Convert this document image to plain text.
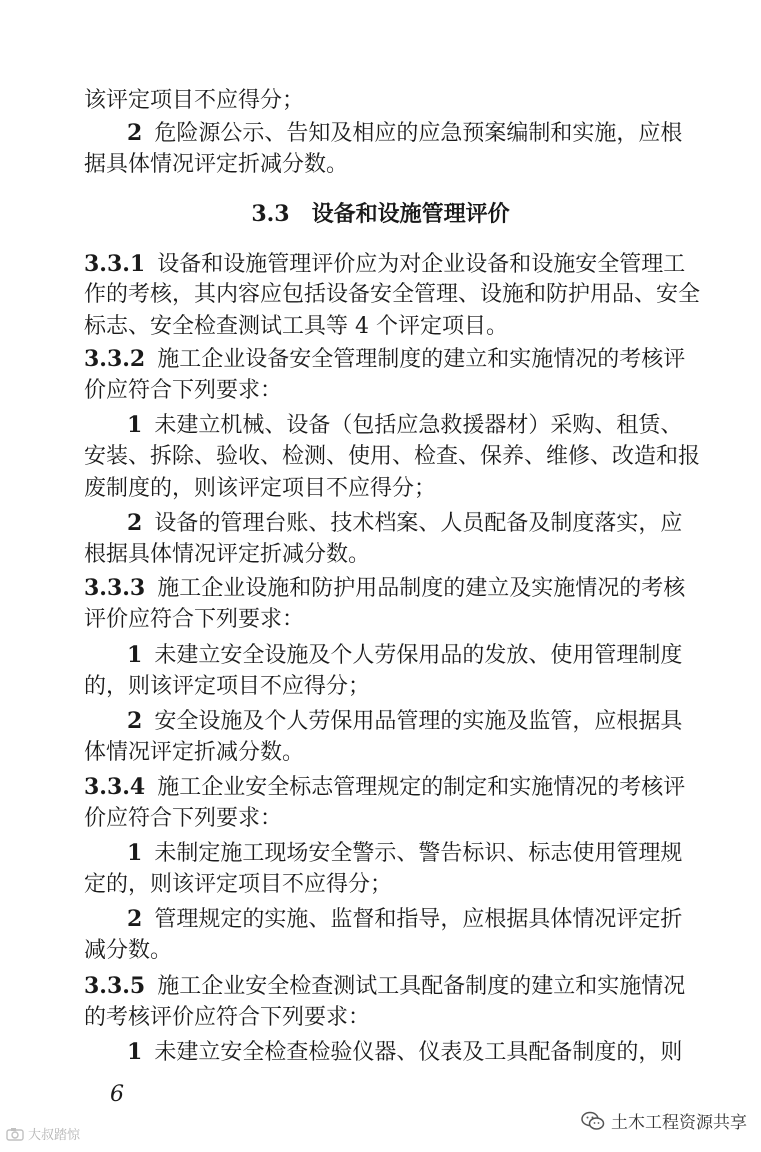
该评定项目不应得分；
2 危险源公示、告知及相应的应急预案编制和实施，应根
据具体情况评定折减分数。
3.3 设备和设施管理评价
3.3.1 设备和设施管理评价应为对企业设备和设施安全管理工
作的考核，其内容应包括设备安全管理、设施和防护用品、安全
标志、安全检查测试工具等 4 个评定项目。
3.3.2 施工企业设备安全管理制度的建立和实施情况的考核评
价应符合下列要求：
1 未建立机械、设备（包括应急救援器材）采购、租赁、
安装、拆除、验收、检测、使用、检查、保养、维修、改造和报
废制度的，则该评定项目不应得分；
2 设备的管理台账、技术档案、人员配备及制度落实，应
根据具体情况评定折减分数。
3.3.3 施工企业设施和防护用品制度的建立及实施情况的考核
评价应符合下列要求：
1 未建立安全设施及个人劳保用品的发放、使用管理制度
的，则该评定项目不应得分；
2 安全设施及个人劳保用品管理的实施及监管，应根据具
体情况评定折减分数。
3.3.4 施工企业安全标志管理规定的制定和实施情况的考核评
价应符合下列要求：
1 未制定施工现场安全警示、警告标识、标志使用管理规
定的，则该评定项目不应得分；
2 管理规定的实施、监督和指导，应根据具体情况评定折
减分数。
3.3.5 施工企业安全检查测试工具配备制度的建立和实施情况
的考核评价应符合下列要求：
1 未建立安全检查检验仪器、仪表及工具配备制度的，则
6
大叔踏惊
土木工程资源共享
